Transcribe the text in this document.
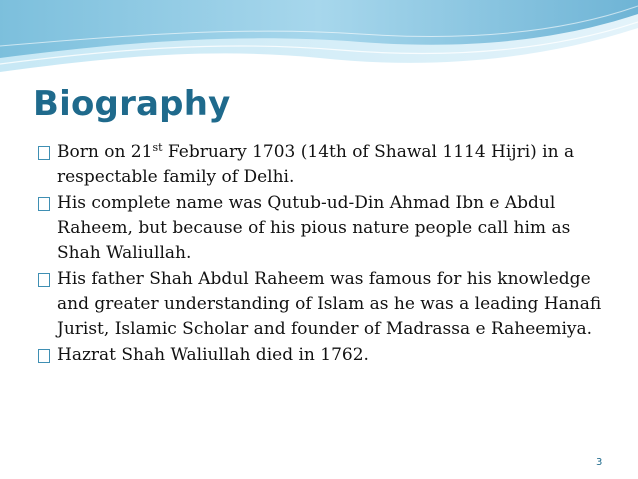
Biography
Born on 21st February 1703 (14th of Shawal 1114 Hijri) in a respectable family of Delhi.
His complete name was Qutub-ud-Din Ahmad Ibn e Abdul Raheem, but because of his pious nature people call him as Shah Waliullah.
His father Shah Abdul Raheem was famous for his knowledge and greater understanding of Islam as he was a leading Hanafi Jurist, Islamic Scholar and founder of Madrassa e Raheemiya.
Hazrat Shah Waliullah died in 1762.
3
